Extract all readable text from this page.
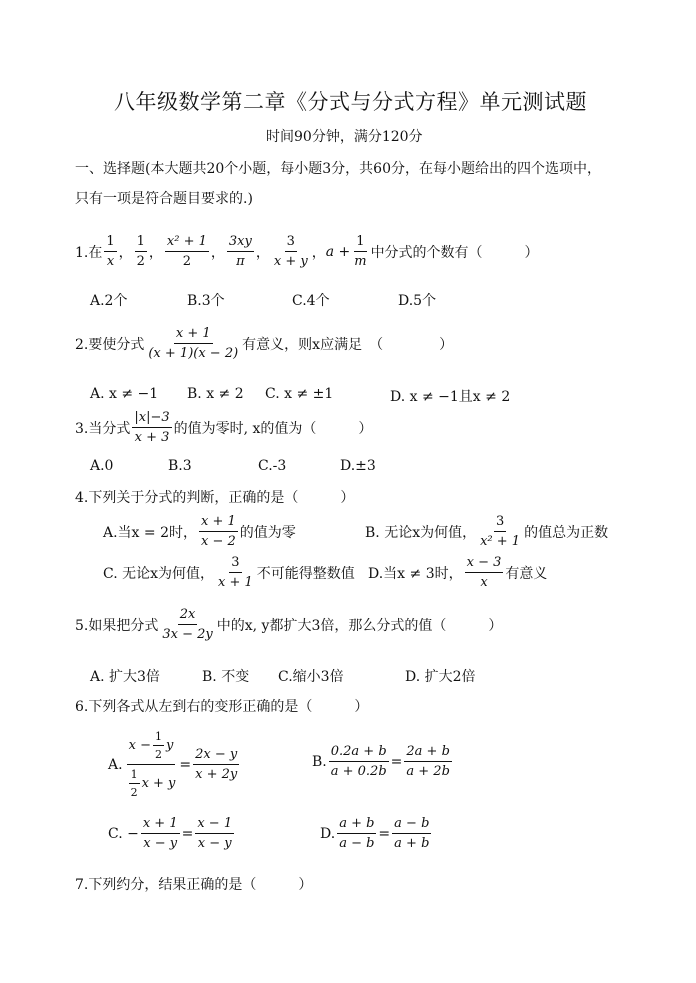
八年级数学第二章《分式与分式方程》单元测试题
时间90分钟，满分120分
一、选择题(本大题共20个小题，每小题3分，共60分，在每小题给出的四个选项中，
只有一项是符合题目要求的.)
1.在 $\frac{1}{x}$ ， $\frac{1}{2}$ ， $\frac{\text{x² + 1}}{2}$ ， $\frac{3xy}{\pi}$ ， $\frac{3}{x + y}$ ， $a + \frac{1}{m}$ 中分式的个数有（　　　）
A.2个	B.3个	C.4个	D.5个
2.要使分式 $\frac{x + 1}{(x + 1)(x - 2)}$ 有意义，则x应满足　（　　　　）
A. x ≠ −1 B. x ≠ 2 C. x ≠ ±1	D. x ≠ −1且x ≠ 2
3.当分式 $\frac{|x|-3}{x + 3}$ 的值为零时, x的值为（　　　）
A.0	B.3	C.-3	D.±3
4.下列关于分式的判断，正确的是（　　　）
A.当x = 2时， $\frac{x + 1}{x - 2}$ 的值为零	B. 无论x为何值， $\frac{3}{\text{x² + 1}}$ 的值总为正数
C. 无论x为何值， $\frac{3}{x + 1}$ 不可能得整数值 D.当x ≠ 3时， $\frac{x - 3}{x}$ 有意义
5.如果把分式 $\frac{2x}{3x - 2y}$ 中的x, y都扩大3倍，那么分式的值（　　　）
A. 扩大3倍	B. 不变 C.缩小3倍	D. 扩大2倍
6.下列各式从左到右的变形正确的是（　　　）
A. $\frac{x - \frac{1}{2} y}{\frac{1}{2} x + y} = \frac{2x - y}{x + 2y}$	B. $\frac{0.2a + b}{a + 0.2b} = \frac{2a + b}{a + 2b}$
C. − $\frac{x + 1}{x - y} = \frac{x - 1}{x - y}$	D. $\frac{a + b}{a - b} = \frac{a - b}{a + b}$
7.下列约分，结果正确的是（　　　）
